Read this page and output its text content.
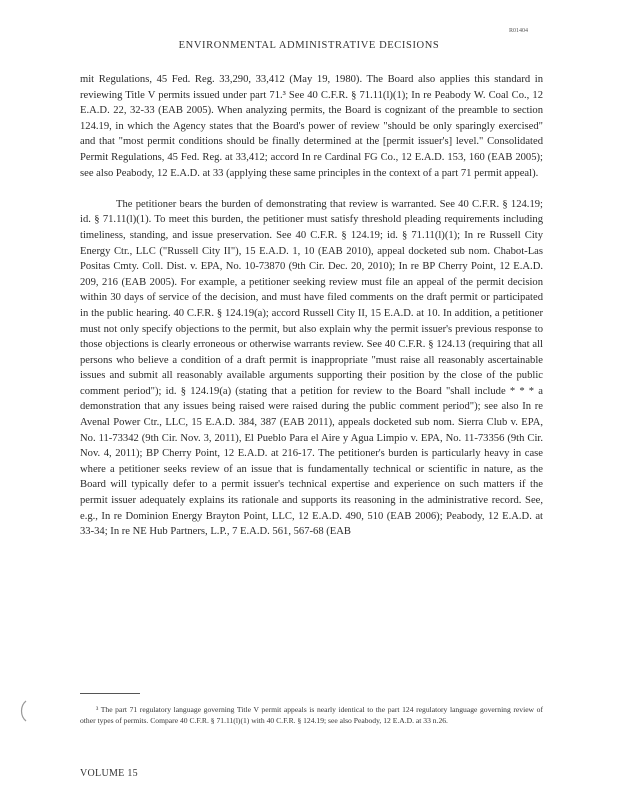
R01404
ENVIRONMENTAL ADMINISTRATIVE DECISIONS

mit Regulations, 45 Fed. Reg. 33,290, 33,412 (May 19, 1980). The Board also applies this standard in reviewing Title V permits issued under part 71.³ See 40 C.F.R. § 71.11(l)(1); In re Peabody W. Coal Co., 12 E.A.D. 22, 32-33 (EAB 2005). When analyzing permits, the Board is cognizant of the preamble to section 124.19, in which the Agency states that the Board's power of review "should be only sparingly exercised" and that "most permit conditions should be finally determined at the [permit issuer's] level." Consolidated Permit Regulations, 45 Fed. Reg. at 33,412; accord In re Cardinal FG Co., 12 E.A.D. 153, 160 (EAB 2005); see also Peabody, 12 E.A.D. at 33 (applying these same principles in the context of a part 71 permit appeal).

The petitioner bears the burden of demonstrating that review is warranted. See 40 C.F.R. § 124.19; id. § 71.11(l)(1). To meet this burden, the petitioner must satisfy threshold pleading requirements including timeliness, standing, and issue preservation. See 40 C.F.R. § 124.19; id. § 71.11(l)(1); In re Russell City Energy Ctr., LLC ("Russell City II"), 15 E.A.D. 1, 10 (EAB 2010), appeal docketed sub nom. Chabot-Las Positas Cmty. Coll. Dist. v. EPA, No. 10-73870 (9th Cir. Dec. 20, 2010); In re BP Cherry Point, 12 E.A.D. 209, 216 (EAB 2005). For example, a petitioner seeking review must file an appeal of the permit decision within 30 days of service of the decision, and must have filed comments on the draft permit or participated in the public hearing. 40 C.F.R. § 124.19(a); accord Russell City II, 15 E.A.D. at 10. In addition, a petitioner must not only specify objections to the permit, but also explain why the permit issuer's previous response to those objections is clearly erroneous or otherwise warrants review. See 40 C.F.R. § 124.13 (requiring that all persons who believe a condition of a draft permit is inappropriate "must raise all reasonably ascertainable issues and submit all reasonably available arguments supporting their position by the close of the public comment period"); id. § 124.19(a) (stating that a petition for review to the Board "shall include * * * a demonstration that any issues being raised were raised during the public comment period"); see also In re Avenal Power Ctr., LLC, 15 E.A.D. 384, 387 (EAB 2011), appeals docketed sub nom. Sierra Club v. EPA, No. 11-73342 (9th Cir. Nov. 3, 2011), El Pueblo Para el Aire y Agua Limpio v. EPA, No. 11-73356 (9th Cir. Nov. 4, 2011); BP Cherry Point, 12 E.A.D. at 216-17. The petitioner's burden is particularly heavy in case where a petitioner seeks review of an issue that is fundamentally technical or scientific in nature, as the Board will typically defer to a permit issuer's technical expertise and experience on such matters if the permit issuer adequately explains its rationale and supports its reasoning in the administrative record. See, e.g., In re Dominion Energy Brayton Point, LLC, 12 E.A.D. 490, 510 (EAB 2006); Peabody, 12 E.A.D. at 33-34; In re NE Hub Partners, L.P., 7 E.A.D. 561, 567-68 (EAB

³ The part 71 regulatory language governing Title V permit appeals is nearly identical to the part 124 regulatory language governing review of other types of permits. Compare 40 C.F.R. § 71.11(l)(1) with 40 C.F.R. § 124.19; see also Peabody, 12 E.A.D. at 33 n.26.

VOLUME 15
